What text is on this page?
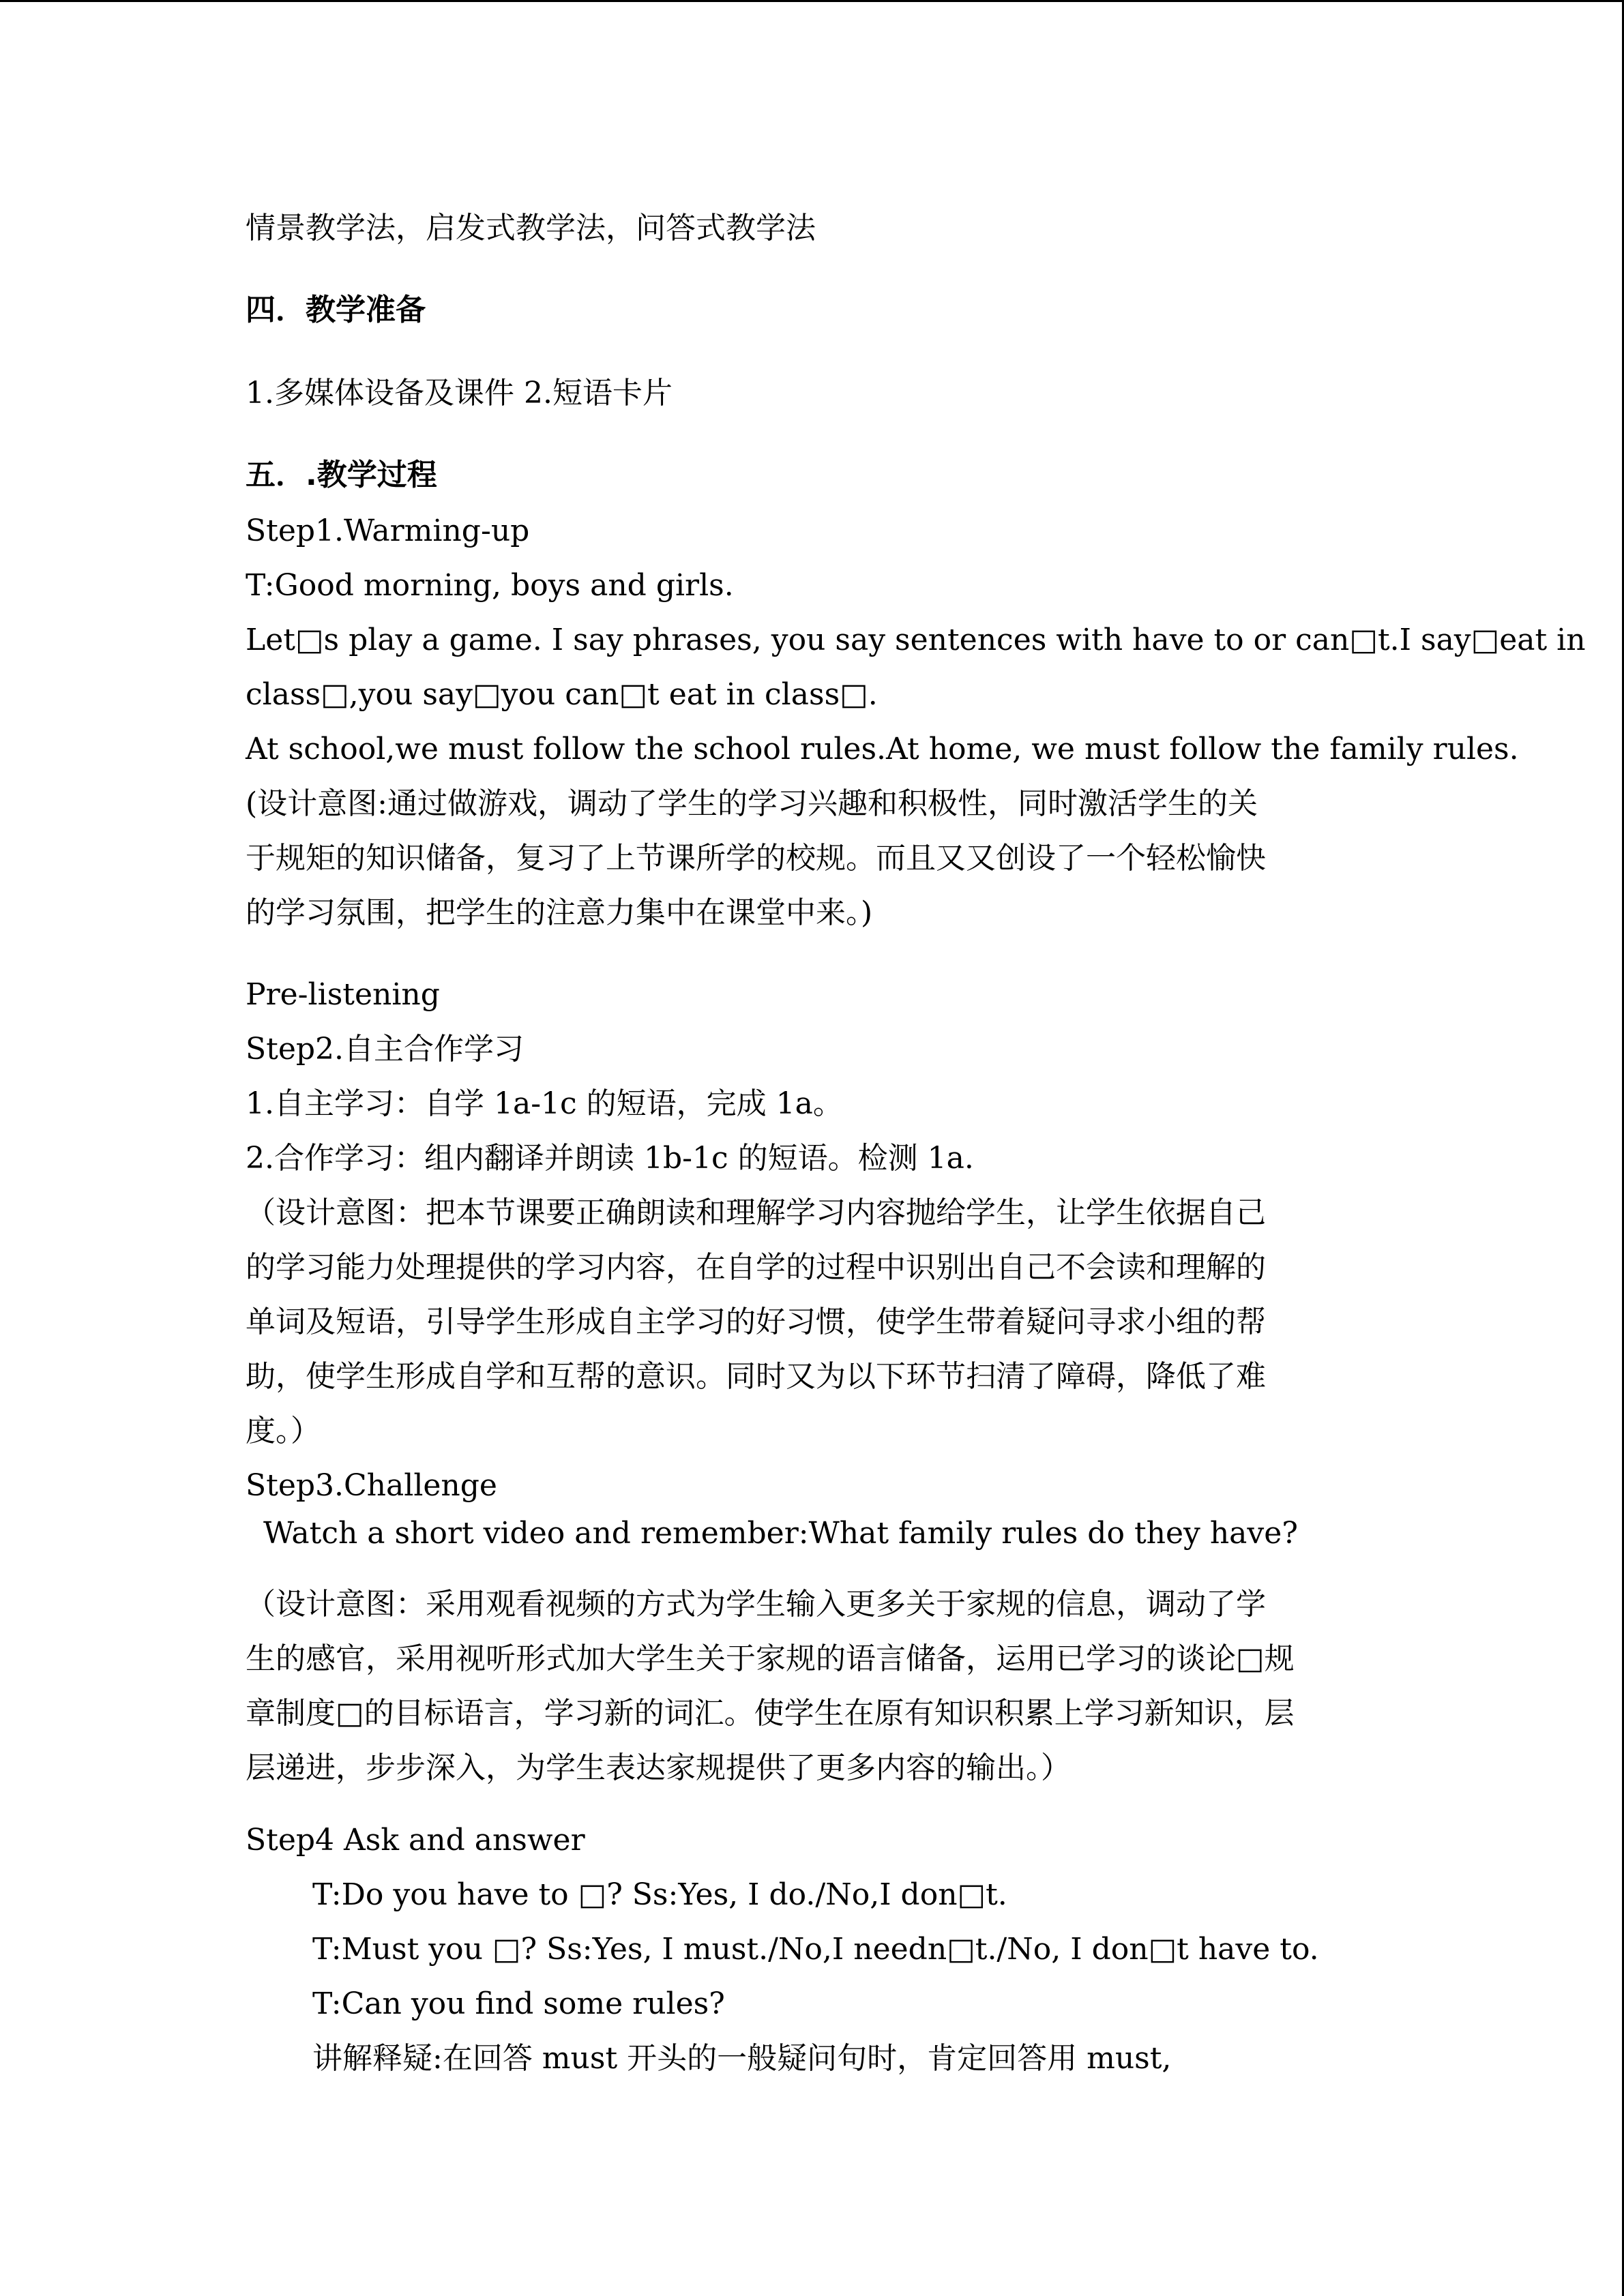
情景教学法，启发式教学法，问答式教学法
四．教学准备
1.多媒体设备及课件 2.短语卡片
五．.教学过程
Step1.Warming-up
T:Good morning, boys and girls.
Let□s play a game. I say phrases, you say sentences with have to or can□t.I say□eat in
class□,you say□you can□t eat in class□.
At school,we must follow the school rules.At home, we must follow the family rules.
(设计意图:通过做游戏，调动了学生的学习兴趣和积极性，同时激活学生的关
于规矩的知识储备，复习了上节课所学的校规。而且又又创设了一个轻松愉快
的学习氛围，把学生的注意力集中在课堂中来。)
Pre-listening
Step2.自主合作学习
1.自主学习：自学 1a-1c 的短语，完成 1a。
2.合作学习：组内翻译并朗读 1b-1c 的短语。检测 1a.
（设计意图：把本节课要正确朗读和理解学习内容抛给学生，让学生依据自己
的学习能力处理提供的学习内容，在自学的过程中识别出自己不会读和理解的
单词及短语，引导学生形成自主学习的好习惯，使学生带着疑问寻求小组的帮
助，使学生形成自学和互帮的意识。同时又为以下环节扫清了障碍，降低了难
度。）
Step3.Challenge
Watch a short video and remember:What family rules do they have?
（设计意图：采用观看视频的方式为学生输入更多关于家规的信息，调动了学
生的感官，采用视听形式加大学生关于家规的语言储备，运用已学习的谈论□规
章制度□的目标语言，学习新的词汇。使学生在原有知识积累上学习新知识，层
层递进，步步深入，为学生表达家规提供了更多内容的输出。）
Step4 Ask and answer
T:Do you have to □? Ss:Yes, I do./No,I don□t.
T:Must you □? Ss:Yes, I must./No,I needn□t./No, I don□t have to.
T:Can you find some rules?
讲解释疑:在回答 must 开头的一般疑问句时，肯定回答用 must,
